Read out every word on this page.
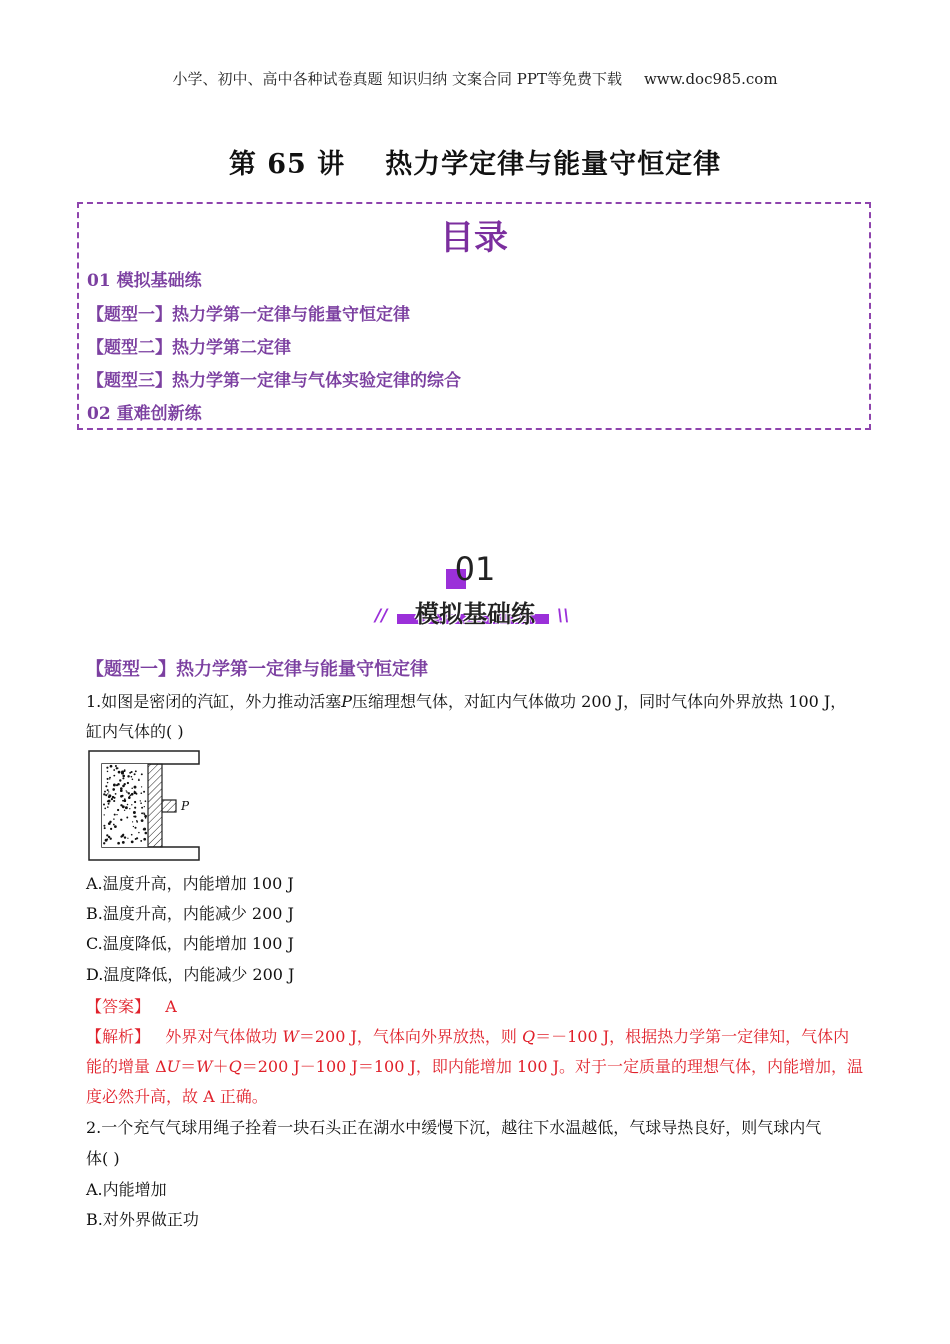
小学、初中、高中各种试卷真题 知识归纳 文案合同 PPT等免费下载 www.doc985.com
第 65 讲 热力学定律与能量守恒定律
目录
01 模拟基础练
【题型一】热力学第一定律与能量守恒定律
【题型二】热力学第二定律
【题型三】热力学第一定律与气体实验定律的综合
02 重难创新练
01
模拟基础练
//	\\
【题型一】热力学第一定律与能量守恒定律
1.如图是密闭的汽缸，外力推动活塞P压缩理想气体，对缸内气体做功 200 J，同时气体向外界放热 100 J，
缸内气体的( )
P
A.温度升高，内能增加 100 J
B.温度升高，内能减少 200 J
C.温度降低，内能增加 100 J
D.温度降低，内能减少 200 J
【答案】 A
【解析】 外界对气体做功 W＝200 J，气体向外界放热，则 Q＝－100 J，根据热力学第一定律知，气体内
能的增量 ΔU＝W＋Q＝200 J－100 J＝100 J，即内能增加 100 J。对于一定质量的理想气体，内能增加，温
度必然升高，故 A 正确。
2.一个充气气球用绳子拴着一块石头正在湖水中缓慢下沉，越往下水温越低，气球导热良好，则气球内气
体( )
A.内能增加
B.对外界做正功
